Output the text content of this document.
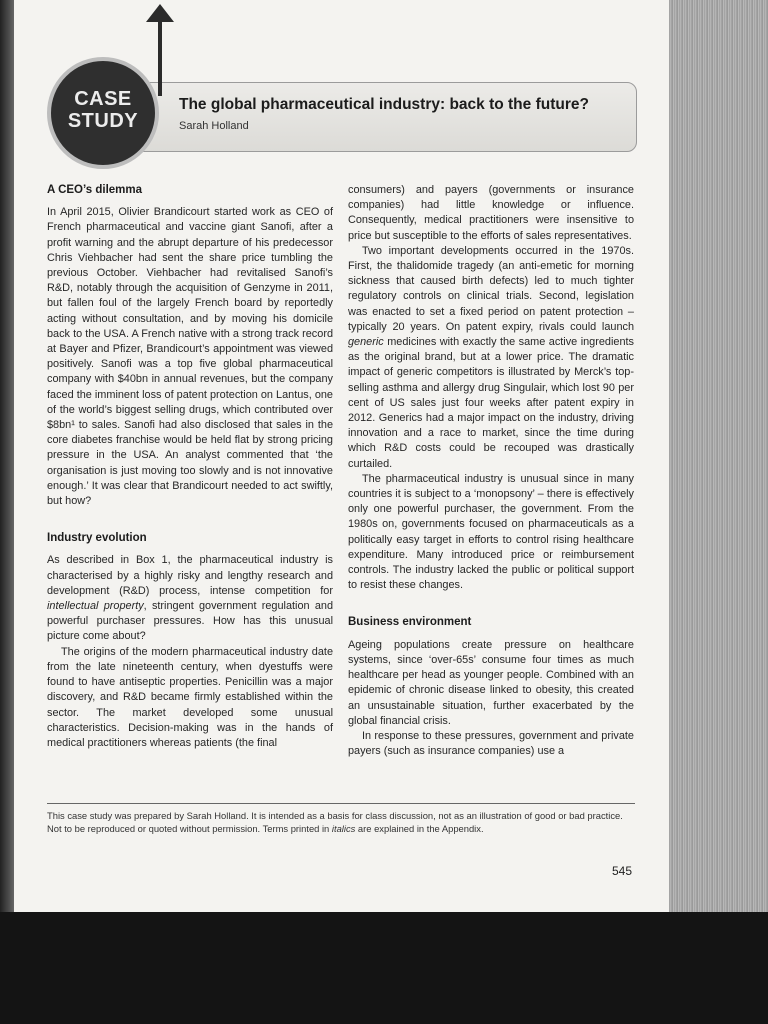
CASE
STUDY
The global pharmaceutical industry: back to the future?
Sarah Holland
A CEO’s dilemma

In April 2015, Olivier Brandicourt started work as CEO of French pharmaceutical and vaccine giant Sanofi, after a profit warning and the abrupt departure of his predecessor Chris Viehbacher had sent the share price tumbling the previous October. Viehbacher had revitalised Sanofi’s R&D, notably through the acquisition of Genzyme in 2011, but fallen foul of the largely French board by reportedly acting without consultation, and by moving his domicile back to the USA. A French native with a strong track record at Bayer and Pfizer, Brandicourt’s appointment was viewed positively. Sanofi was a top five global pharmaceutical company with $40bn in annual revenues, but the company faced the imminent loss of patent protection on Lantus, one of the world’s biggest selling drugs, which contributed over $8bn¹ to sales. Sanofi had also disclosed that sales in the core diabetes franchise would be held flat by strong pricing pressure in the USA. An analyst commented that ‘the organisation is just moving too slowly and is not innovative enough.’ It was clear that Brandicourt needed to act swiftly, but how?

Industry evolution

As described in Box 1, the pharmaceutical industry is characterised by a highly risky and lengthy research and development (R&D) process, intense competition for intellectual property, stringent government regulation and powerful purchaser pressures. How has this unusual picture come about?

The origins of the modern pharmaceutical industry date from the late nineteenth century, when dyestuffs were found to have antiseptic properties. Penicillin was a major discovery, and R&D became firmly established within the sector. The market developed some unusual characteristics. Decision-making was in the hands of medical practitioners whereas patients (the final

consumers) and payers (governments or insurance companies) had little knowledge or influence. Consequently, medical practitioners were insensitive to price but susceptible to the efforts of sales representatives.

Two important developments occurred in the 1970s. First, the thalidomide tragedy (an anti-emetic for morning sickness that caused birth defects) led to much tighter regulatory controls on clinical trials. Second, legislation was enacted to set a fixed period on patent protection – typically 20 years. On patent expiry, rivals could launch generic medicines with exactly the same active ingredients as the original brand, but at a lower price. The dramatic impact of generic competitors is illustrated by Merck’s top-selling asthma and allergy drug Singulair, which lost 90 per cent of US sales just four weeks after patent expiry in 2012. Generics had a major impact on the industry, driving innovation and a race to market, since the time during which R&D costs could be recouped was drastically curtailed.

The pharmaceutical industry is unusual since in many countries it is subject to a ‘monopsony’ – there is effectively only one powerful purchaser, the government. From the 1980s on, governments focused on pharmaceuticals as a politically easy target in efforts to control rising healthcare expenditure. Many introduced price or reimbursement controls. The industry lacked the public or political support to resist these changes.

Business environment

Ageing populations create pressure on healthcare systems, since ‘over-65s’ consume four times as much healthcare per head as younger people. Combined with an epidemic of chronic disease linked to obesity, this created an unsustainable situation, further exacerbated by the global financial crisis.

In response to these pressures, government and private payers (such as insurance companies) use a

This case study was prepared by Sarah Holland. It is intended as a basis for class discussion, not as an illustration of good or bad practice. Not to be reproduced or quoted without permission. Terms printed in italics are explained in the Appendix.
545
